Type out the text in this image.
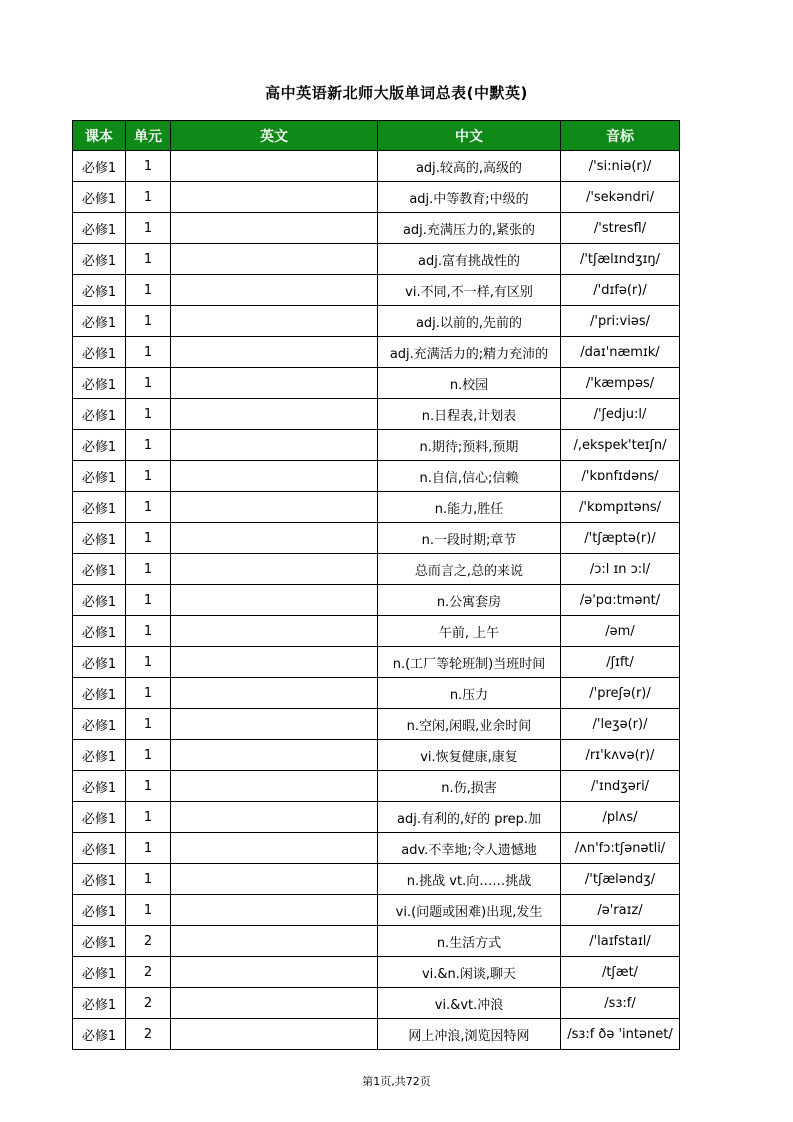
高中英语新北师大版单词总表(中默英)
课本	单元	英文	中文	音标
必修1	1		adj.较高的,高级的	/'si:niə(r)/
必修1	1		adj.中等教育;中级的	/'sekəndri/
必修1	1		adj.充满压力的,紧张的	/'stresfl/
必修1	1		adj.富有挑战性的	/'tʃælɪndʒɪŋ/
必修1	1		vi.不同,不一样,有区别	/'dɪfə(r)/
必修1	1		adj.以前的,先前的	/'pri:viəs/
必修1	1		adj.充满活力的;精力充沛的	/daɪ'næmɪk/
必修1	1		n.校园	/'kæmpəs/
必修1	1		n.日程表,计划表	/'ʃedju:l/
必修1	1		n.期待;预料,预期	/,ekspek'teɪʃn/
必修1	1		n.自信,信心;信赖	/'kɒnfɪdəns/
必修1	1		n.能力,胜任	/'kɒmpɪtəns/
必修1	1		n.一段时期;章节	/'tʃæptə(r)/
必修1	1		总而言之,总的来说	/ɔ:l ɪn ɔ:l/
必修1	1		n.公寓套房	/ə'pɑ:tmənt/
必修1	1		午前, 上午	/əm/
必修1	1		n.(工厂等轮班制)当班时间	/ʃɪft/
必修1	1		n.压力	/'preʃə(r)/
必修1	1		n.空闲,闲暇,业余时间	/'leʒə(r)/
必修1	1		vi.恢复健康,康复	/rɪ'kʌvə(r)/
必修1	1		n.伤,损害	/'ɪndʒəri/
必修1	1		adj.有利的,好的 prep.加	/plʌs/
必修1	1		adv.不幸地;令人遗憾地	/ʌn'fɔ:tʃənətli/
必修1	1		n.挑战 vt.向……挑战	/'tʃæləndʒ/
必修1	1		vi.(问题或困难)出现,发生	/ə'raɪz/
必修1	2		n.生活方式	/'laɪfstaɪl/
必修1	2		vi.&n.闲谈,聊天	/tʃæt/
必修1	2		vi.&vt.冲浪	/sɜ:f/
必修1	2		网上冲浪,浏览因特网	/sɜ:f ðə 'intənet/
第1页,共72页
